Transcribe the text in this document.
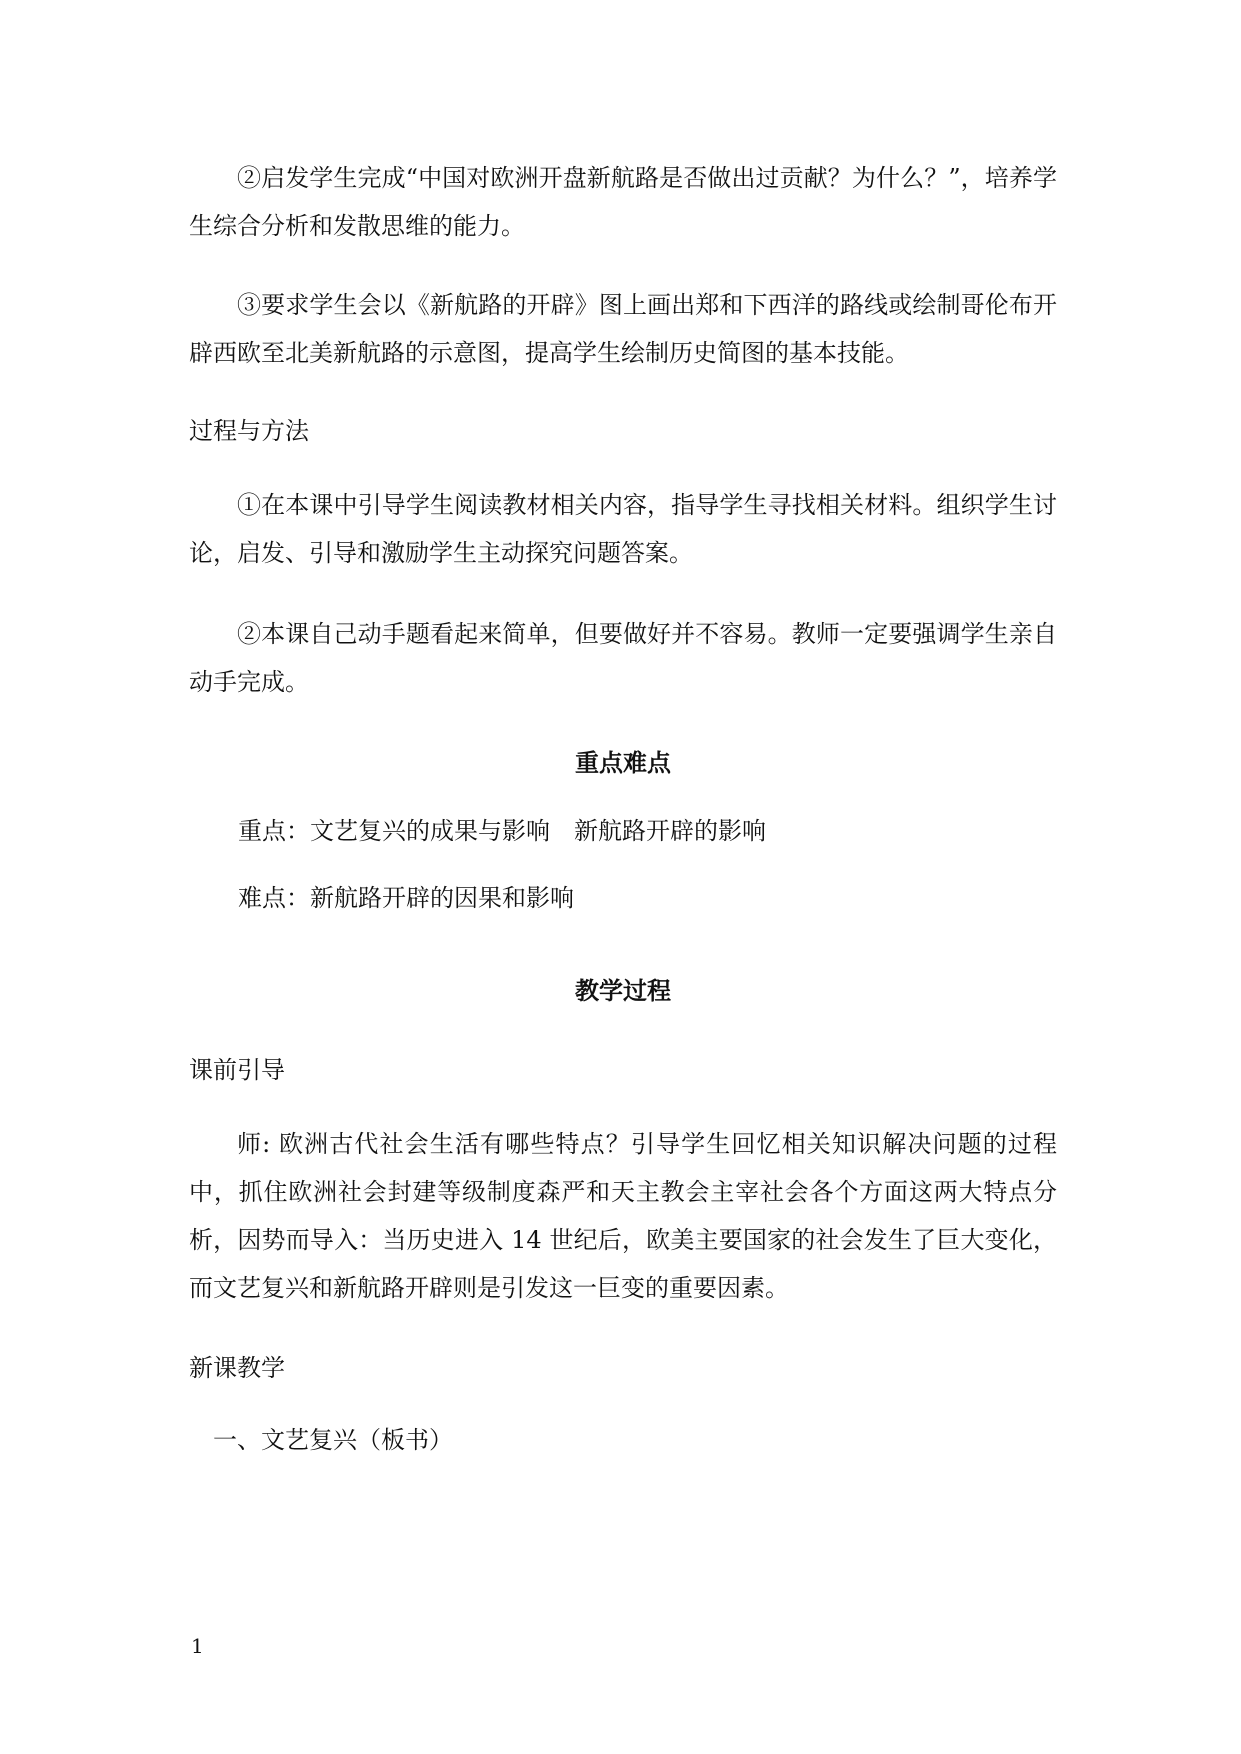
②启发学生完成“中国对欧洲开盘新航路是否做出过贡献？为什么？”，培养学生综合分析和发散思维的能力。

③要求学生会以《新航路的开辟》图上画出郑和下西洋的路线或绘制哥伦布开辟西欧至北美新航路的示意图，提高学生绘制历史简图的基本技能。

过程与方法

①在本课中引导学生阅读教材相关内容，指导学生寻找相关材料。组织学生讨论，启发、引导和激励学生主动探究问题答案。

②本课自己动手题看起来简单，但要做好并不容易。教师一定要强调学生亲自动手完成。

重点难点

重点：文艺复兴的成果与影响　新航路开辟的影响

难点：新航路开辟的因果和影响

教学过程
课前引导

师: 欧洲古代社会生活有哪些特点？引导学生回忆相关知识解决问题的过程中，抓住欧洲社会封建等级制度森严和天主教会主宰社会各个方面这两大特点分析，因势而导入：当历史进入 14 世纪后，欧美主要国家的社会发生了巨大变化，而文艺复兴和新航路开辟则是引发这一巨变的重要因素。

新课教学

一、文艺复兴（板书）

1
